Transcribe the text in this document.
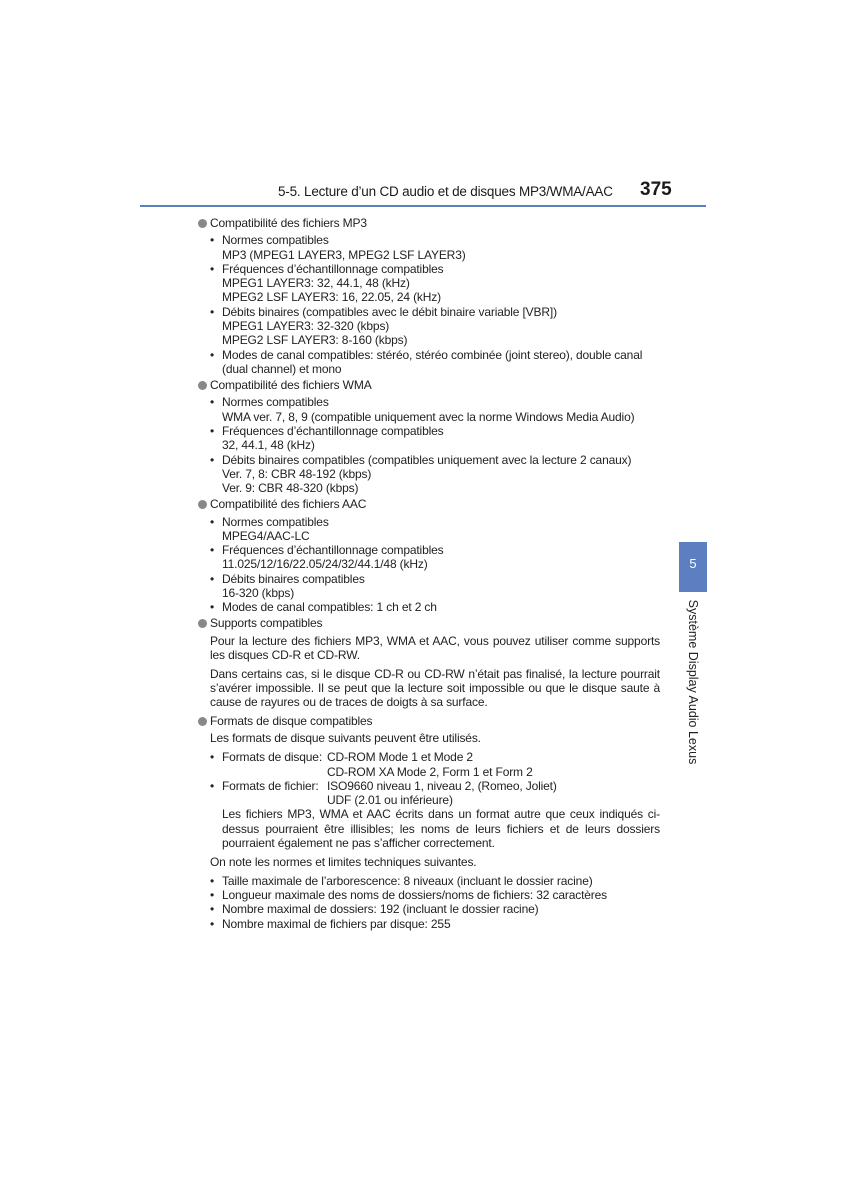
5-5. Lecture d’un CD audio et de disques MP3/WMA/AAC 375
Compatibilité des fichiers MP3
• Normes compatibles
MP3 (MPEG1 LAYER3, MPEG2 LSF LAYER3)
• Fréquences d’échantillonnage compatibles
MPEG1 LAYER3: 32, 44.1, 48 (kHz)
MPEG2 LSF LAYER3: 16, 22.05, 24 (kHz)
• Débits binaires (compatibles avec le débit binaire variable [VBR])
MPEG1 LAYER3: 32-320 (kbps)
MPEG2 LSF LAYER3: 8-160 (kbps)
• Modes de canal compatibles: stéréo, stéréo combinée (joint stereo), double canal
(dual channel) et mono
Compatibilité des fichiers WMA
• Normes compatibles
WMA ver. 7, 8, 9 (compatible uniquement avec la norme Windows Media Audio)
• Fréquences d’échantillonnage compatibles
32, 44.1, 48 (kHz)
• Débits binaires compatibles (compatibles uniquement avec la lecture 2 canaux)
Ver. 7, 8: CBR 48-192 (kbps)
Ver. 9: CBR 48-320 (kbps)
Compatibilité des fichiers AAC
• Normes compatibles
MPEG4/AAC-LC
• Fréquences d’échantillonnage compatibles
11.025/12/16/22.05/24/32/44.1/48 (kHz)
• Débits binaires compatibles
16-320 (kbps)
• Modes de canal compatibles: 1 ch et 2 ch
Supports compatibles
Pour la lecture des fichiers MP3, WMA et AAC, vous pouvez utiliser comme supports les disques CD-R et CD-RW.
Dans certains cas, si le disque CD-R ou CD-RW n’était pas finalisé, la lecture pourrait s’avérer impossible. Il se peut que la lecture soit impossible ou que le disque saute à cause de rayures ou de traces de doigts à sa surface.
Formats de disque compatibles
Les formats de disque suivants peuvent être utilisés.
• Formats de disque: CD-ROM Mode 1 et Mode 2
CD-ROM XA Mode 2, Form 1 et Form 2
• Formats de fichier: ISO9660 niveau 1, niveau 2, (Romeo, Joliet)
UDF (2.01 ou inférieure)
Les fichiers MP3, WMA et AAC écrits dans un format autre que ceux indiqués ci-dessus pourraient être illisibles; les noms de leurs fichiers et de leurs dossiers pourraient également ne pas s’afficher correctement.
On note les normes et limites techniques suivantes.
• Taille maximale de l’arborescence: 8 niveaux (incluant le dossier racine)
• Longueur maximale des noms de dossiers/noms de fichiers: 32 caractères
• Nombre maximal de dossiers: 192 (incluant le dossier racine)
• Nombre maximal de fichiers par disque: 255
5
Système Display Audio Lexus
